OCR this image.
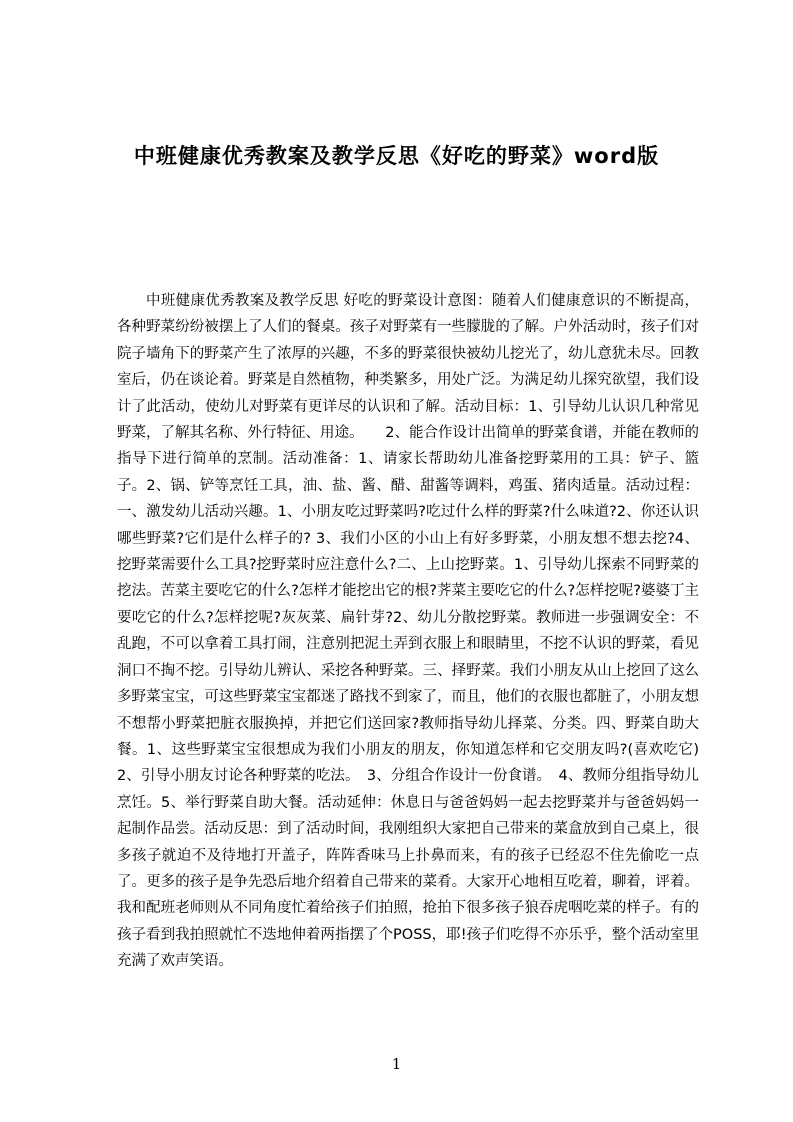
中班健康优秀教案及教学反思《好吃的野菜》word版

中班健康优秀教案及教学反思 好吃的野菜设计意图：随着人们健康意识的不断提高，各种野菜纷纷被摆上了人们的餐桌。孩子对野菜有一些朦胧的了解。户外活动时，孩子们对院子墙角下的野菜产生了浓厚的兴趣，不多的野菜很快被幼儿挖光了，幼儿意犹未尽。回教室后，仍在谈论着。野菜是自然植物，种类繁多，用处广泛。为满足幼儿探究欲望，我们设计了此活动，使幼儿对野菜有更详尽的认识和了解。活动目标：1、引导幼儿认识几种常见野菜，了解其名称、外行特征、用途。　　2、能合作设计出简单的野菜食谱，并能在教师的指导下进行简单的烹制。活动准备：1、请家长帮助幼儿准备挖野菜用的工具：铲子、篮子。2、锅、铲等烹饪工具，油、盐、酱、醋、甜酱等调料，鸡蛋、猪肉适量。活动过程：一、激发幼儿活动兴趣。1、小朋友吃过野菜吗?吃过什么样的野菜?什么味道?2、你还认识哪些野菜?它们是什么样子的? 3、我们小区的小山上有好多野菜，小朋友想不想去挖?4、挖野菜需要什么工具?挖野菜时应注意什么?二、上山挖野菜。1、引导幼儿探索不同野菜的挖法。苦菜主要吃它的什么?怎样才能挖出它的根?荠菜主要吃它的什么?怎样挖呢?婆婆丁主要吃它的什么?怎样挖呢?灰灰菜、扁针芽?2、幼儿分散挖野菜。教师进一步强调安全：不乱跑，不可以拿着工具打闹，注意别把泥土弄到衣服上和眼睛里，不挖不认识的野菜，看见洞口不掏不挖。引导幼儿辨认、采挖各种野菜。三、择野菜。我们小朋友从山上挖回了这么多野菜宝宝，可这些野菜宝宝都迷了路找不到家了，而且，他们的衣服也都脏了，小朋友想不想帮小野菜把脏衣服换掉，并把它们送回家?教师指导幼儿择菜、分类。四、野菜自助大餐。1、这些野菜宝宝很想成为我们小朋友的朋友，你知道怎样和它交朋友吗?(喜欢吃它)2、引导小朋友讨论各种野菜的吃法。　3、分组合作设计一份食谱。　4、教师分组指导幼儿烹饪。5、举行野菜自助大餐。活动延伸：休息日与爸爸妈妈一起去挖野菜并与爸爸妈妈一起制作品尝。活动反思：到了活动时间，我刚组织大家把自己带来的菜盒放到自己桌上，很多孩子就迫不及待地打开盖子，阵阵香味马上扑鼻而来，有的孩子已经忍不住先偷吃一点了。更多的孩子是争先恐后地介绍着自己带来的菜肴。大家开心地相互吃着，聊着，评着。我和配班老师则从不同角度忙着给孩子们拍照，抢拍下很多孩子狼吞虎咽吃菜的样子。有的孩子看到我拍照就忙不迭地伸着两指摆了个POSS，耶!孩子们吃得不亦乐乎，整个活动室里充满了欢声笑语。

1
